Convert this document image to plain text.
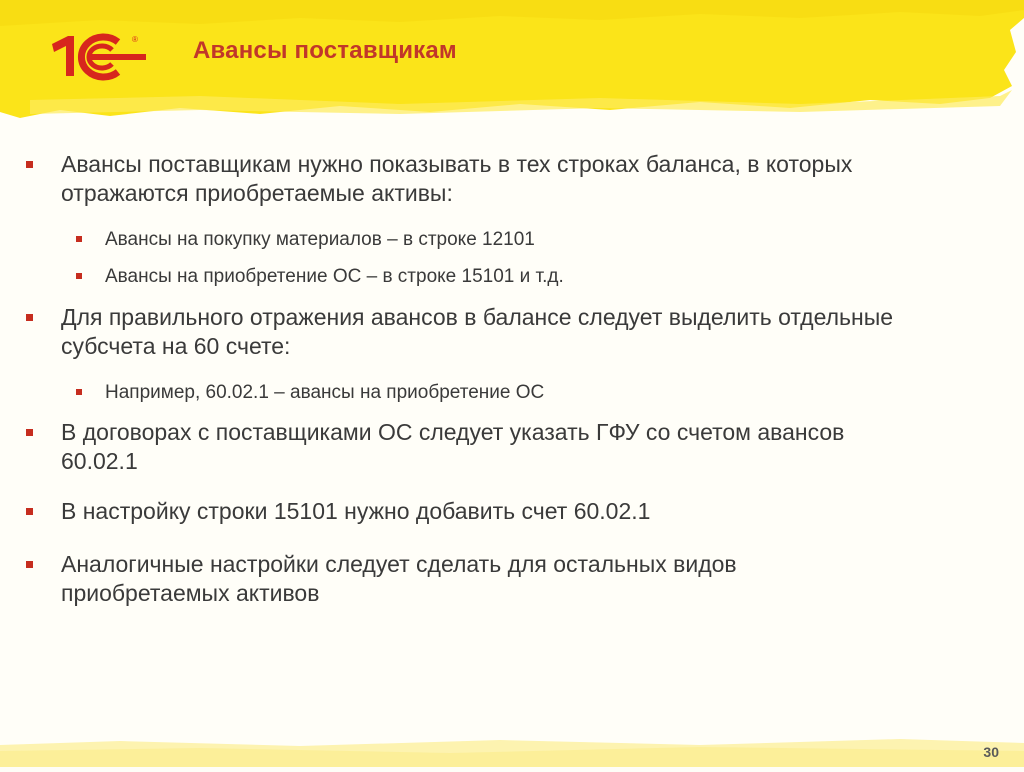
® Авансы поставщикам
Авансы поставщикам нужно показывать в тех строках баланса, в которых
отражаются приобретаемые активы:
Авансы на покупку материалов – в строке 12101
Авансы на приобретение ОС – в строке 15101 и т.д.
Для правильного отражения авансов в балансе следует выделить отдельные
субсчета на 60 счете:
Например, 60.02.1 – авансы на приобретение ОС
В договорах с поставщиками ОС следует указать ГФУ со счетом авансов
60.02.1
В настройку строки 15101 нужно добавить счет 60.02.1
Аналогичные настройки следует сделать для остальных видов
приобретаемых активов
30
